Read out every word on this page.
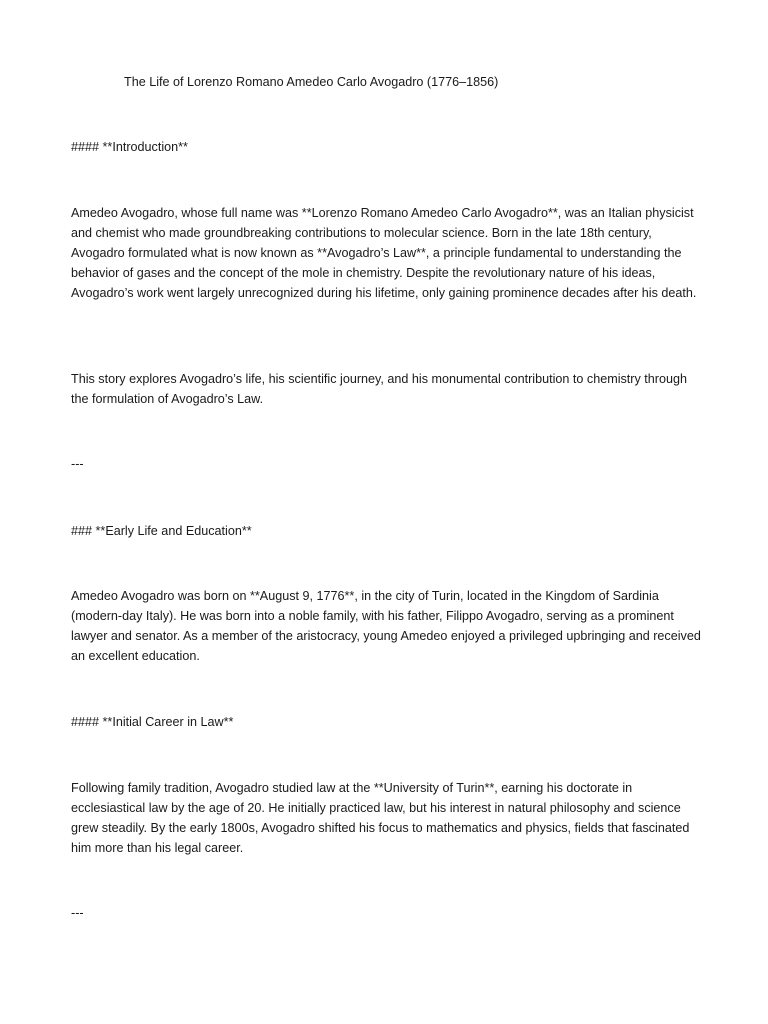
The Life of Lorenzo Romano Amedeo Carlo Avogadro (1776–1856)

#### **Introduction**

Amedeo Avogadro, whose full name was **Lorenzo Romano Amedeo Carlo Avogadro**, was an Italian physicist and chemist who made groundbreaking contributions to molecular science. Born in the late 18th century, Avogadro formulated what is now known as **Avogadro’s Law**, a principle fundamental to understanding the behavior of gases and the concept of the mole in chemistry. Despite the revolutionary nature of his ideas, Avogadro’s work went largely unrecognized during his lifetime, only gaining prominence decades after his death.

This story explores Avogadro’s life, his scientific journey, and his monumental contribution to chemistry through the formulation of Avogadro’s Law.

---

### **Early Life and Education**

Amedeo Avogadro was born on **August 9, 1776**, in the city of Turin, located in the Kingdom of Sardinia (modern-day Italy). He was born into a noble family, with his father, Filippo Avogadro, serving as a prominent lawyer and senator. As a member of the aristocracy, young Amedeo enjoyed a privileged upbringing and received an excellent education.

#### **Initial Career in Law**

Following family tradition, Avogadro studied law at the **University of Turin**, earning his doctorate in ecclesiastical law by the age of 20. He initially practiced law, but his interest in natural philosophy and science grew steadily. By the early 1800s, Avogadro shifted his focus to mathematics and physics, fields that fascinated him more than his legal career.

---
